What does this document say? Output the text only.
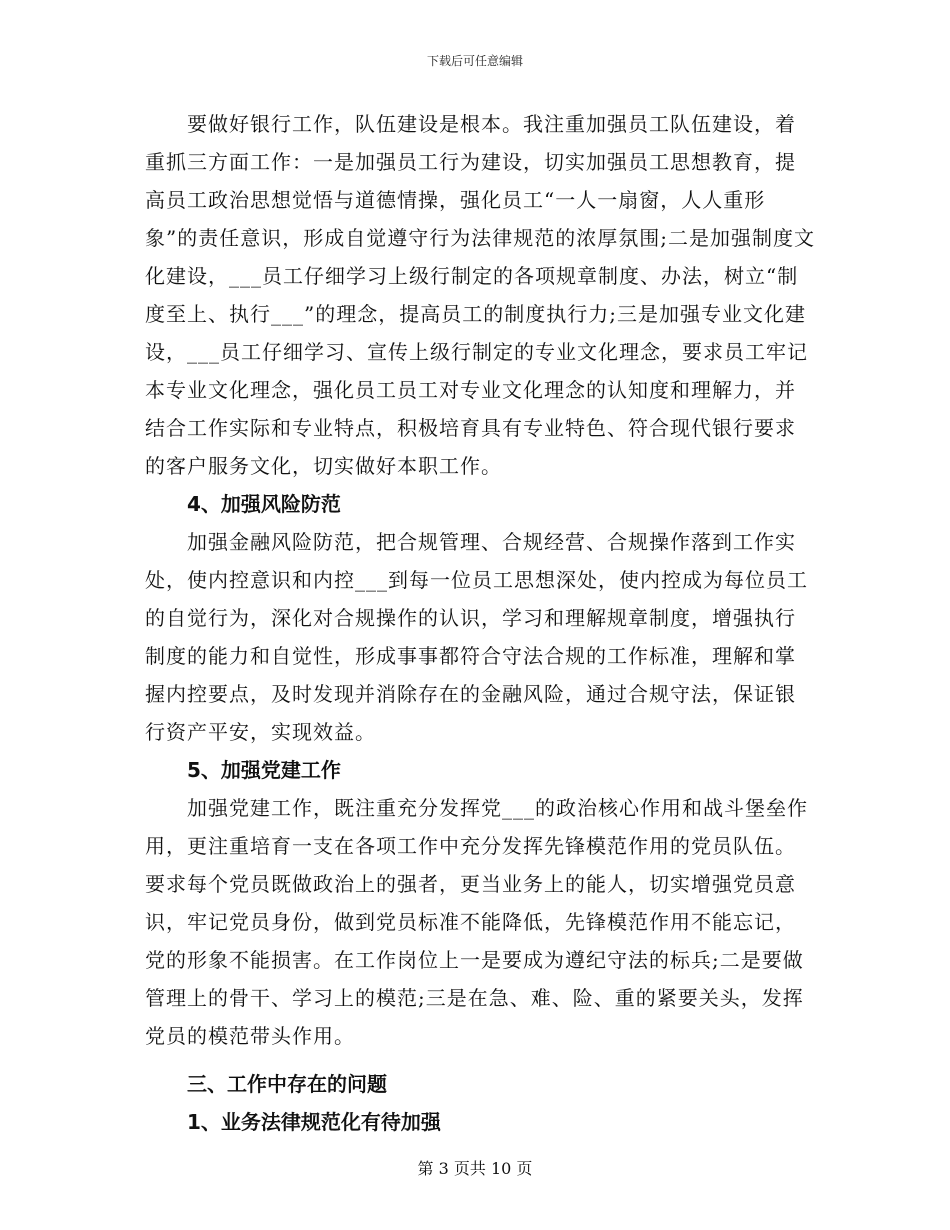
下载后可任意编辑

要做好银行工作，队伍建设是根本。我注重加强员工队伍建设，着重抓三方面工作：一是加强员工行为建设，切实加强员工思想教育，提高员工政治思想觉悟与道德情操，强化员工“一人一扇窗，人人重形象”的责任意识，形成自觉遵守行为法律规范的浓厚氛围;二是加强制度文化建设，___员工仔细学习上级行制定的各项规章制度、办法，树立“制度至上、执行___”的理念，提高员工的制度执行力;三是加强专业文化建设，___员工仔细学习、宣传上级行制定的专业文化理念，要求员工牢记本专业文化理念，强化员工员工对专业文化理念的认知度和理解力，并结合工作实际和专业特点，积极培育具有专业特色、符合现代银行要求的客户服务文化，切实做好本职工作。

4、加强风险防范

加强金融风险防范，把合规管理、合规经营、合规操作落到工作实处，使内控意识和内控___到每一位员工思想深处，使内控成为每位员工的自觉行为，深化对合规操作的认识，学习和理解规章制度，增强执行制度的能力和自觉性，形成事事都符合守法合规的工作标准，理解和掌握内控要点，及时发现并消除存在的金融风险，通过合规守法，保证银行资产平安，实现效益。

5、加强党建工作

加强党建工作，既注重充分发挥党___的政治核心作用和战斗堡垒作用，更注重培育一支在各项工作中充分发挥先锋模范作用的党员队伍。要求每个党员既做政治上的强者，更当业务上的能人，切实增强党员意识，牢记党员身份，做到党员标准不能降低，先锋模范作用不能忘记，党的形象不能损害。在工作岗位上一是要成为遵纪守法的标兵;二是要做管理上的骨干、学习上的模范;三是在急、难、险、重的紧要关头，发挥党员的模范带头作用。

三、工作中存在的问题

1、业务法律规范化有待加强

第 3 页共 10 页
